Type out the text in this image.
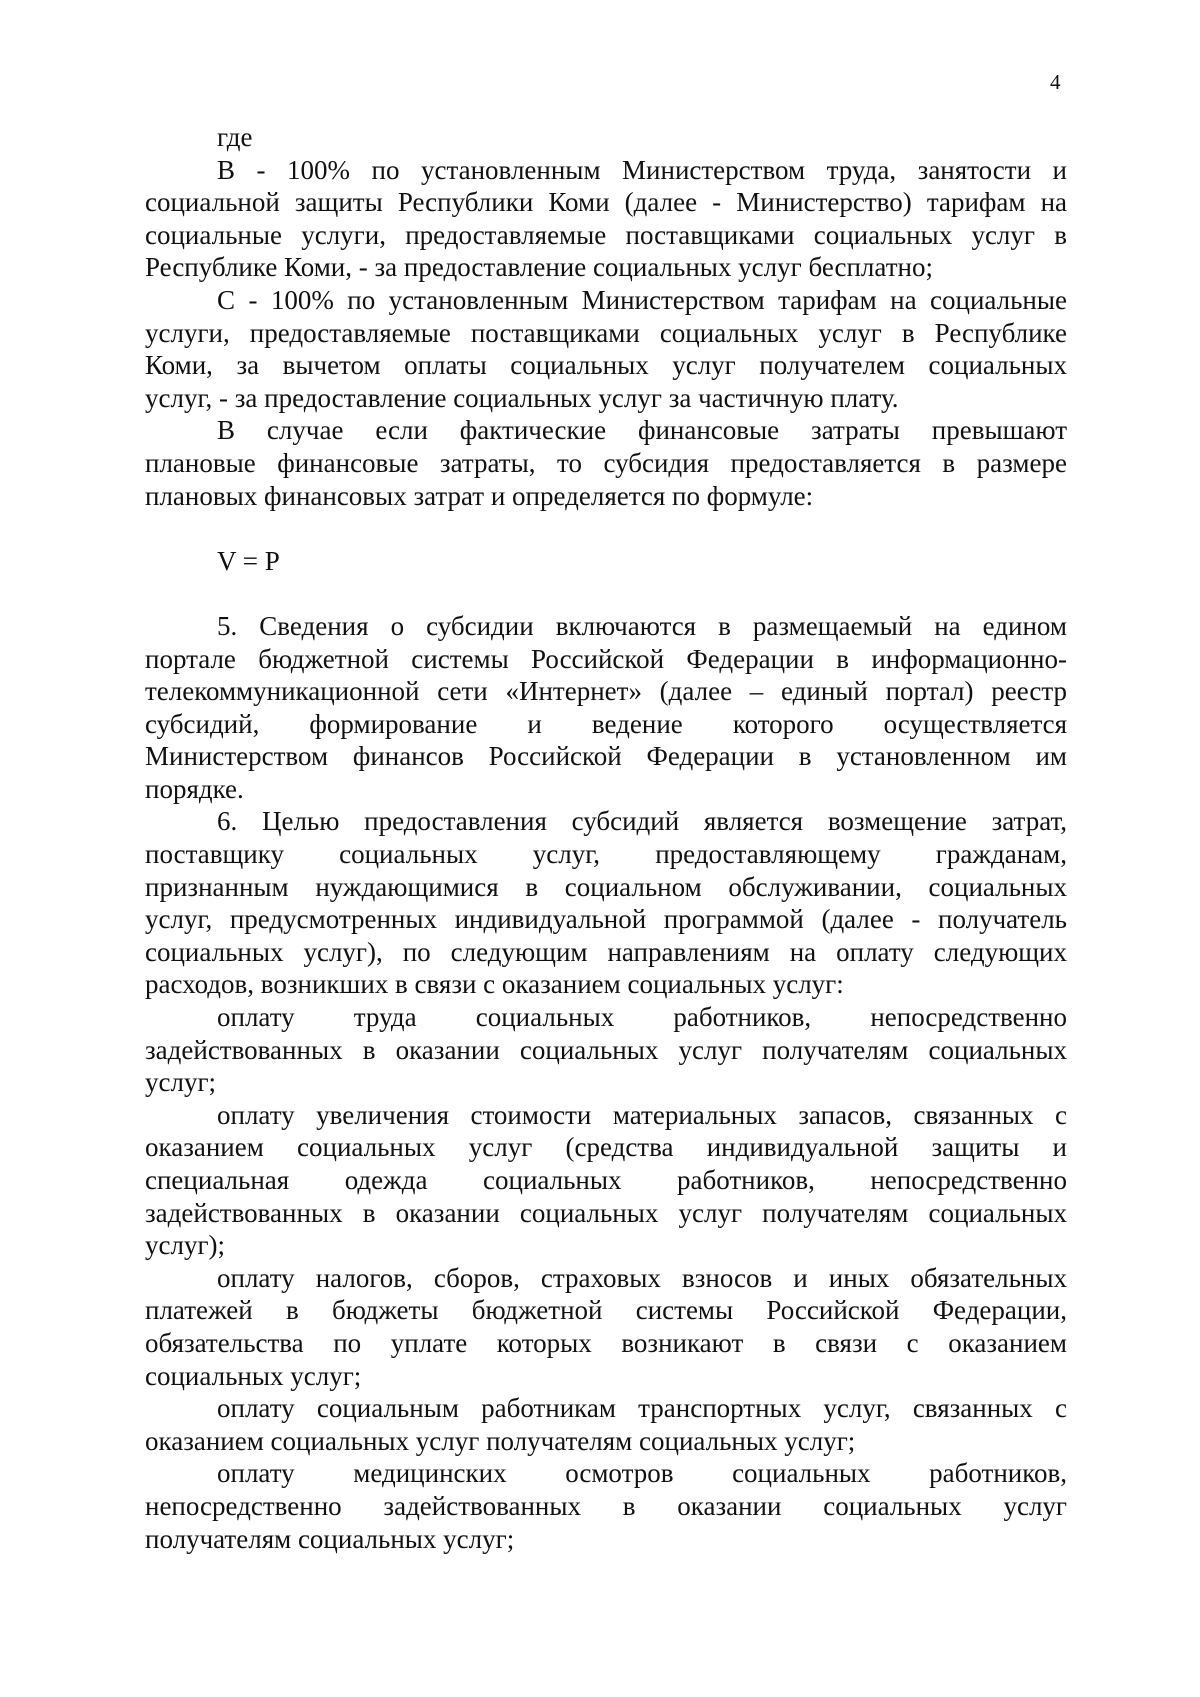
4
где
В - 100% по установленным Министерством труда, занятости и
социальной защиты Республики Коми (далее - Министерство) тарифам на
социальные услуги, предоставляемые поставщиками социальных услуг в
Республике Коми, - за предоставление социальных услуг бесплатно;
С - 100% по установленным Министерством тарифам на социальные
услуги, предоставляемые поставщиками социальных услуг в Республике
Коми, за вычетом оплаты социальных услуг получателем социальных
услуг, - за предоставление социальных услуг за частичную плату.
В случае если фактические финансовые затраты превышают
плановые финансовые затраты, то субсидия предоставляется в размере
плановых финансовых затрат и определяется по формуле:
V = P
5. Сведения о субсидии включаются в размещаемый на едином
портале бюджетной системы Российской Федерации в информационно-
телекоммуникационной сети «Интернет» (далее – единый портал) реестр
субсидий, формирование и ведение которого осуществляется
Министерством финансов Российской Федерации в установленном им
порядке.
6. Целью предоставления субсидий является возмещение затрат,
поставщику социальных услуг, предоставляющему гражданам,
признанным нуждающимися в социальном обслуживании, социальных
услуг, предусмотренных индивидуальной программой (далее - получатель
социальных услуг), по следующим направлениям на оплату следующих
расходов, возникших в связи с оказанием социальных услуг:
оплату труда социальных работников, непосредственно
задействованных в оказании социальных услуг получателям социальных
услуг;
оплату увеличения стоимости материальных запасов, связанных с
оказанием социальных услуг (средства индивидуальной защиты и
специальная одежда социальных работников, непосредственно
задействованных в оказании социальных услуг получателям социальных
услуг);
оплату налогов, сборов, страховых взносов и иных обязательных
платежей в бюджеты бюджетной системы Российской Федерации,
обязательства по уплате которых возникают в связи с оказанием
социальных услуг;
оплату социальным работникам транспортных услуг, связанных с
оказанием социальных услуг получателям социальных услуг;
оплату медицинских осмотров социальных работников,
непосредственно задействованных в оказании социальных услуг
получателям социальных услуг;
